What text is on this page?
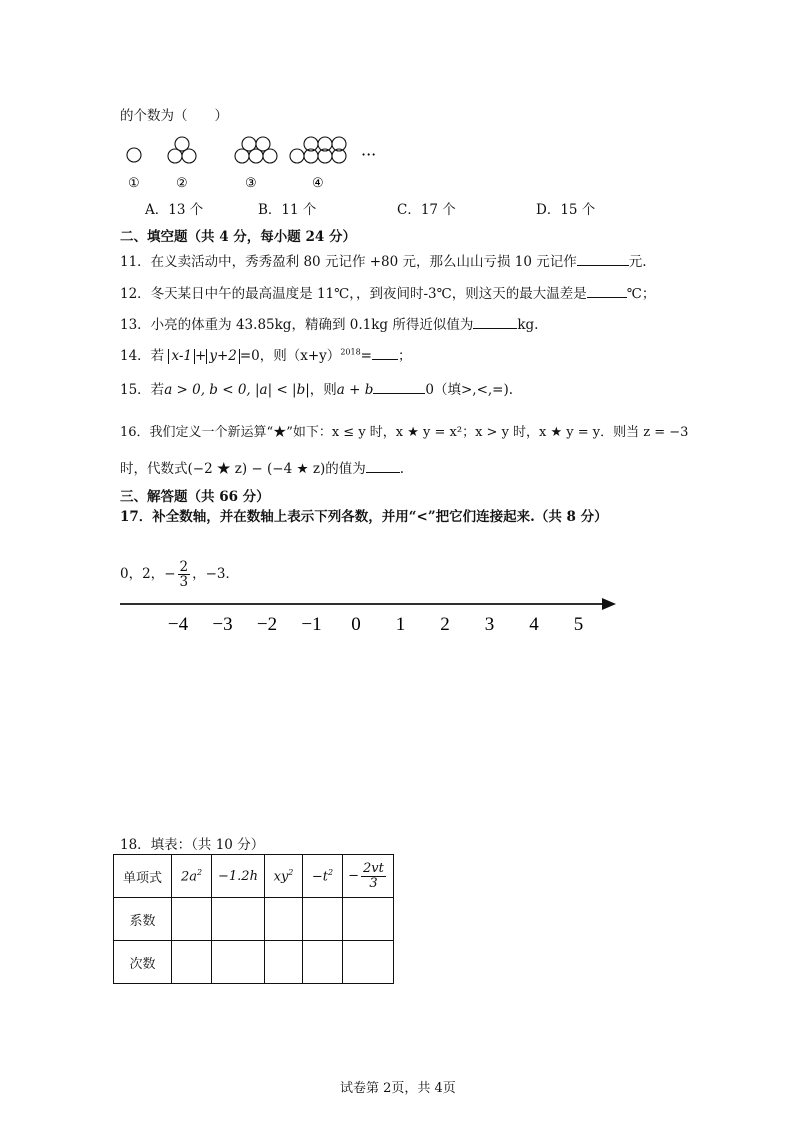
的个数为（　　）
①	②	③	④
···
A．13 个	B．11 个	C．17 个	D．15 个
二、填空题（共 4 分，每小题 24 分）
11．在义卖活动中，秀秀盈利 80 元记作 +80 元，那么山山亏损 10 元记作	元.
12．冬天某日中午的最高温度是 11℃，，到夜间时-3℃，则这天的最大温差是	℃；
13．小亮的体重为 43.85kg，精确到 0.1kg 所得近似值为	kg.
14．若 x-1 + y+2 =0，则$(x+y)^{2018}=$ ；
15．若a > 0, b < 0, |a| < |b|，则a + b	0（填>,<,=).
16．我们定义一个新运算“★”如下：x ≤ y 时，x ★ y = x²；x > y 时，x ★ y = y．则当 z = −3
时，代数式(−2 ★ z) − (−4 ★ z)的值为	.
三、解答题（共 66 分）
17．补全数轴，并在数轴上表示下列各数，并用“<”把它们连接起来.（共 8 分）
0，2，− $\frac{2}{3}$ ，−3．
−4 −3 −2 −1 0 1 2 3 4 5
18．填表：（共 10 分）
单项式	$2a^2$	−1.2h	$xy^2$	$-t^2$	− $\frac{2vt}{3}$

系数					
次数					
试卷第 2页，共 4页
